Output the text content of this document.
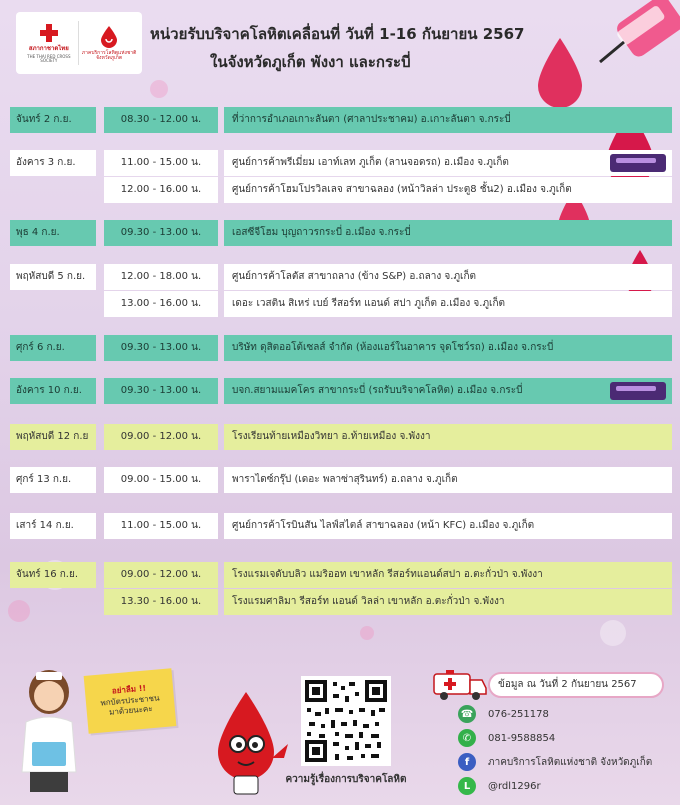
สภากาชาดไทย
THE THAI RED CROSS SOCIETY
ภาคบริการโลหิตแห่งชาติ จังหวัดภูเก็ต
หน่วยรับบริจาคโลหิตเคลื่อนที่ วันที่ 1-16 กันยายน 2567
ในจังหวัดภูเก็ต พังงา และกระบี่
จันทร์ 2 ก.ย.	08.30 - 12.00 น.	ที่ว่าการอำเภอเกาะลันตา (ศาลาประชาคม) อ.เกาะลันตา จ.กระบี่
อังคาร 3 ก.ย.	11.00 - 15.00 น.	ศูนย์การค้าพรีเมี่ยม เอาท์เลท ภูเก็ต (ลานจอดรถ) อ.เมือง จ.ภูเก็ต
12.00 - 16.00 น.	ศูนย์การค้าโฮมโปรวิลเลจ สาขาฉลอง (หน้าวิลล่า ประตู8 ชั้น2) อ.เมือง จ.ภูเก็ต
พุธ 4 ก.ย.	09.30 - 13.00 น.	เอสซีจีโฮม บุญถาวรกระบี่ อ.เมือง จ.กระบี่
พฤหัสบดี 5 ก.ย.	12.00 - 18.00 น.	ศูนย์การค้าโลตัส สาขาถลาง (ข้าง S&P) อ.ถลาง จ.ภูเก็ต
13.00 - 16.00 น.	เดอะ เวสติน สิเหร่ เบย์ รีสอร์ท แอนด์ สปา ภูเก็ต อ.เมือง จ.ภูเก็ต
ศุกร์ 6 ก.ย.	09.30 - 13.00 น.	บริษัท ดุสิตออโต้เซลส์ จำกัด (ห้องแอร์ในอาคาร จุดโชว์รถ) อ.เมือง จ.กระบี่
อังคาร 10 ก.ย.	09.30 - 13.00 น.	บจก.สยามแมคโคร สาขากระบี่ (รถรับบริจาคโลหิต) อ.เมือง จ.กระบี่
พฤหัสบดี 12 ก.ย	09.00 - 12.00 น.	โรงเรียนท้ายเหมืองวิทยา อ.ท้ายเหมือง จ.พังงา
ศุกร์ 13 ก.ย.	09.00 - 15.00 น.	พาราไดซ์กรุ๊ป (เดอะ พลาซ่าสุรินทร์) อ.ถลาง จ.ภูเก็ต
เสาร์ 14 ก.ย.	11.00 - 15.00 น.	ศูนย์การค้าโรบินสัน ไลฟ์สไตล์ สาขาฉลอง (หน้า KFC) อ.เมือง จ.ภูเก็ต
จันทร์ 16 ก.ย.	09.00 - 12.00 น.	โรงแรมเจดับบลิว แมริออท เขาหลัก รีสอร์ทแอนด์สปา อ.ตะกั่วป่า จ.พังงา
13.30 - 16.00 น.	โรงแรมศาลิมา รีสอร์ท แอนด์ วิลล่า เขาหลัก อ.ตะกั่วป่า จ.พังงา
อย่าลืม !!
พกบัตรประชาชน
มาด้วยนะคะ
ความรู้เรื่องการบริจาคโลหิต
ข้อมูล ณ วันที่ 2 กันยายน 2567
☎ 076-251178
✆	081-9588854
f	ภาคบริการโลหิตแห่งชาติ จังหวัดภูเก็ต
L	@rdl1296r
